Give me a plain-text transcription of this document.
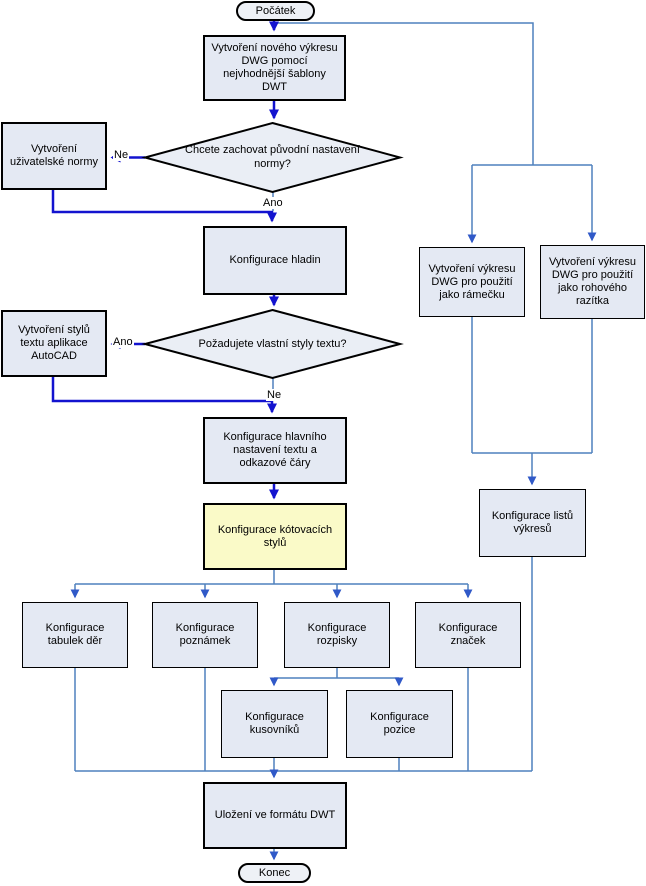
Počátek
Konec
Vytvoření nového výkresu DWG pomocí nejvhodnější šablony DWT
Vytvoření uživatelské normy
Konfigurace hladin
Vytvoření stylů textu aplikace AutoCAD
Konfigurace hlavního nastavení textu a odkazové čáry
Konfigurace kótovacích stylů
Konfigurace tabulek děr
Konfigurace poznámek
Konfigurace rozpisky
Konfigurace značek
Konfigurace kusovníků
Konfigurace pozice
Uložení ve formátu DWT
Vytvoření výkresu DWG pro použití jako rámečku
Vytvoření výkresu DWG pro použití jako rohového razítka
Konfigurace listů výkresů
Chcete zachovat původní nastavení normy?
Požadujete vlastní styly textu?
Ne
Ano
Ano
Ne
